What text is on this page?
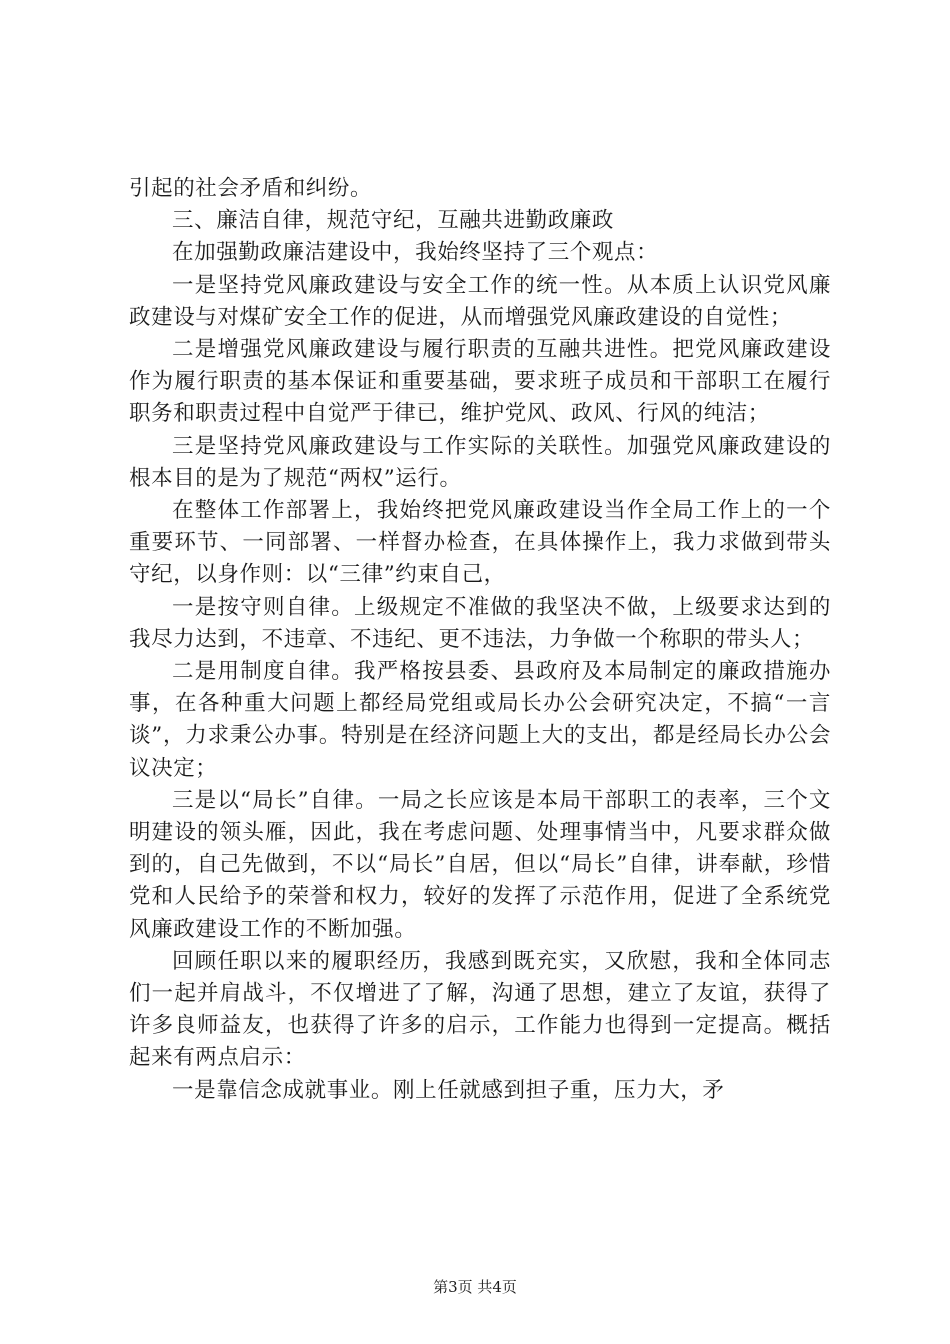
引起的社会矛盾和纠纷。

三、廉洁自律，规范守纪，互融共进勤政廉政

在加强勤政廉洁建设中，我始终坚持了三个观点：

一是坚持党风廉政建设与安全工作的统一性。从本质上认识党风廉政建设与对煤矿安全工作的促进，从而增强党风廉政建设的自觉性；

二是增强党风廉政建设与履行职责的互融共进性。把党风廉政建设作为履行职责的基本保证和重要基础，要求班子成员和干部职工在履行职务和职责过程中自觉严于律已，维护党风、政风、行风的纯洁；

三是坚持党风廉政建设与工作实际的关联性。加强党风廉政建设的根本目的是为了规范“两权”运行。

在整体工作部署上，我始终把党风廉政建设当作全局工作上的一个重要环节、一同部署、一样督办检查，在具体操作上，我力求做到带头守纪，以身作则：以“三律”约束自己，

一是按守则自律。上级规定不准做的我坚决不做，上级要求达到的我尽力达到，不违章、不违纪、更不违法，力争做一个称职的带头人；

二是用制度自律。我严格按县委、县政府及本局制定的廉政措施办事，在各种重大问题上都经局党组或局长办公会研究决定，不搞“一言谈”，力求秉公办事。特别是在经济问题上大的支出，都是经局长办公会议决定；

三是以“局长”自律。一局之长应该是本局干部职工的表率，三个文明建设的领头雁，因此，我在考虑问题、处理事情当中，凡要求群众做到的，自己先做到，不以“局长”自居，但以“局长”自律，讲奉献，珍惜党和人民给予的荣誉和权力，较好的发挥了示范作用，促进了全系统党风廉政建设工作的不断加强。

回顾任职以来的履职经历，我感到既充实，又欣慰，我和全体同志们一起并肩战斗，不仅增进了了解，沟通了思想，建立了友谊，获得了许多良师益友，也获得了许多的启示，工作能力也得到一定提高。概括起来有两点启示：

一是靠信念成就事业。刚上任就感到担子重，压力大，矛

第3页 共4页
